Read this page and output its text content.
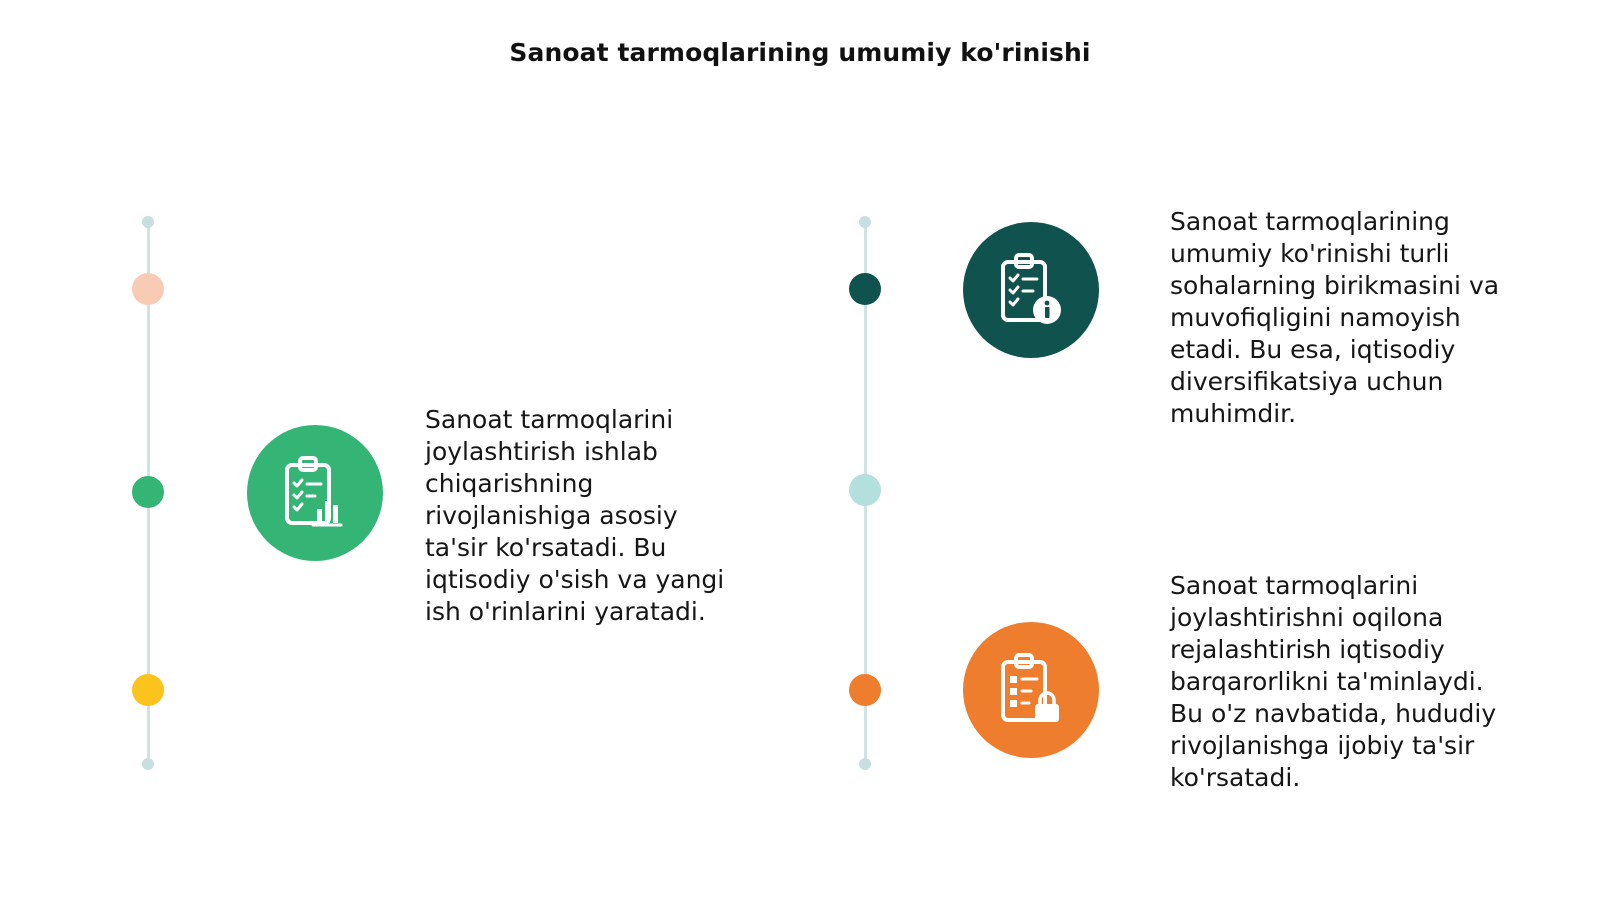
Sanoat tarmoqlarining umumiy ko'rinishi
Sanoat tarmoqlarini
joylashtirish ishlab
chiqarishning
rivojlanishiga asosiy
ta'sir ko'rsatadi. Bu
iqtisodiy o'sish va yangi
ish o'rinlarini yaratadi.
Sanoat tarmoqlarining
umumiy ko'rinishi turli
sohalarning birikmasini va
muvofiqligini namoyish
etadi. Bu esa, iqtisodiy
diversifikatsiya uchun
muhimdir.
Sanoat tarmoqlarini
joylashtirishni oqilona
rejalashtirish iqtisodiy
barqarorlikni ta'minlaydi.
Bu o'z navbatida, hududiy
rivojlanishga ijobiy ta'sir
ko'rsatadi.
